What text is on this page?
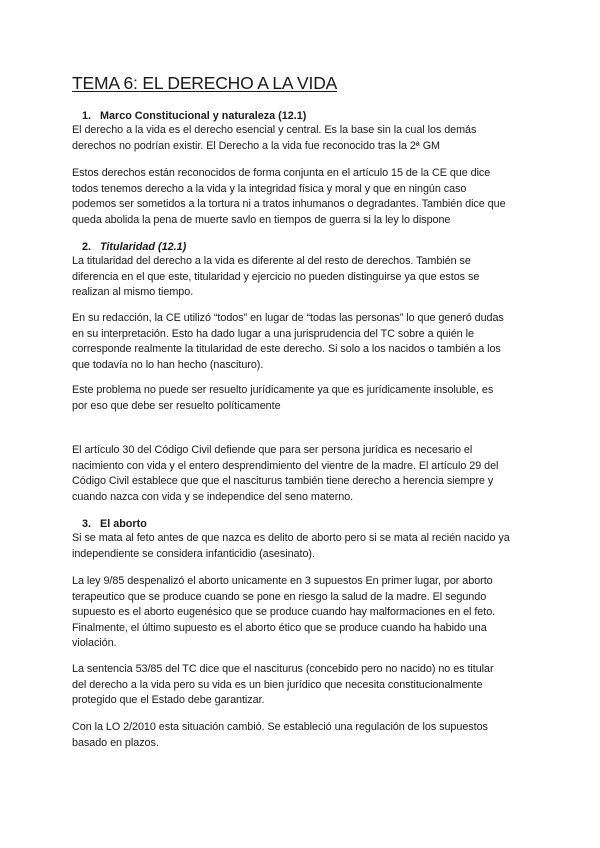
TEMA 6: EL DERECHO A LA VIDA
1. Marco Constitucional y naturaleza (12.1)
El derecho a la vida es el derecho esencial y central. Es la base sin la cual los demás
derechos no podrían existir. El Derecho a la vida fue reconocido tras la 2ª GM
Estos derechos están reconocidos de forma conjunta en el artículo 15 de la CE que dice
todos tenemos derecho a la vida y la integridad física y moral y que en ningún caso
podemos ser sometidos a la tortura ni a tratos inhumanos o degradantes. También dice que
queda abolida la pena de muerte savlo en tiempos de guerra si la ley lo dispone
2. Titularidad (12.1)
La titularidad del derecho a la vida es diferente al del resto de derechos. También se
diferencia en el que este, titularidad y ejercicio no pueden distinguirse ya que estos se
realizan al mismo tiempo.
En su redacción, la CE utilizó “todos” en lugar de “todas las personas” lo que generó dudas
en su interpretación. Esto ha dado lugar a una jurisprudencia del TC sobre a quién le
corresponde realmente la titularidad de este derecho. Si solo a los nacidos o también a los
que todavía no lo han hecho (nasciturо).
Este problema no puede ser resuelto jurídicamente ya que es jurídicamente insoluble, es
por eso que debe ser resuelto políticamente
El artículo 30 del Código Civil defiende que para ser persona jurídica es necesario el
nacimiento con vida y el entero desprendimiento del vientre de la madre. El artículo 29 del
Código Civil establece que que el nasciturus también tiene derecho a herencia siempre y
cuando nazca con vida y se independice del seno materno.
3. El aborto
Si se mata al feto antes de que nazca es delito de aborto pero si se mata al recién nacido ya
independiente se considera infanticidio (asesinato).
La ley 9/85 despenalizó el aborto unicamente en 3 supuestos En primer lugar, por aborto
terapeutico que se produce cuando se pone en riesgo la salud de la madre. El segundo
supuesto es el aborto eugenésico que se produce cuando hay malformaciones en el feto.
Finalmente, el último supuesto es el aborto ético que se produce cuando ha habido una
violación.
La sentencia 53/85 del TC dice que el nasciturus (concebido pero no nacido) no es titular
del derecho a la vida pero su vida es un bien jurídico que necesita constitucionalmente
protegido que el Estado debe garantizar.
Con la LO 2/2010 esta situación cambió. Se estableció una regulación de los supuestos
basado en plazos.
